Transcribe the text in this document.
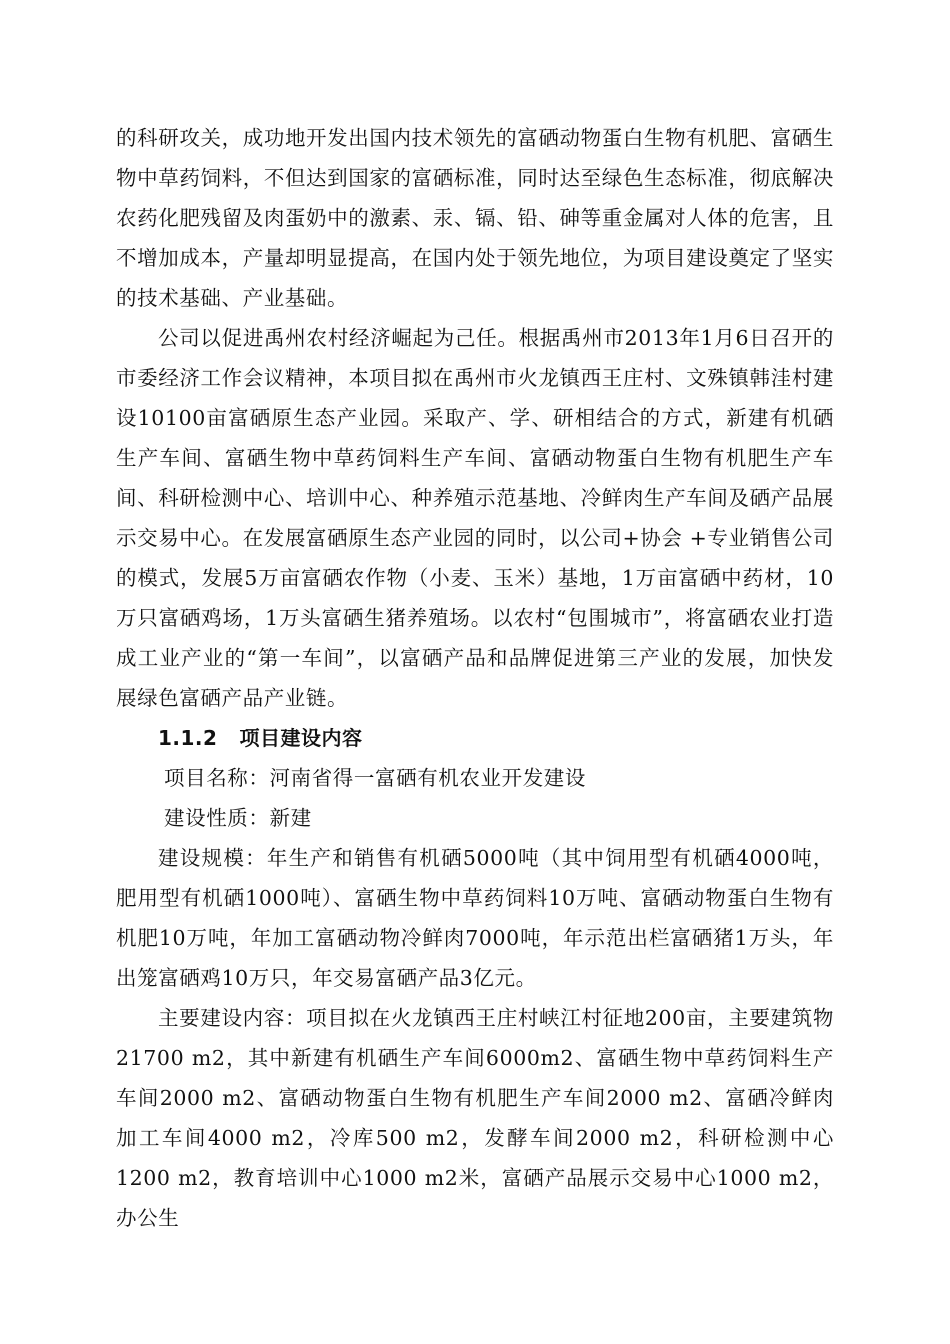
的科研攻关，成功地开发出国内技术领先的富硒动物蛋白生物有机肥、富硒生物中草药饲料，不但达到国家的富硒标准，同时达至绿色生态标准，彻底解决农药化肥残留及肉蛋奶中的激素、汞、镉、铅、砷等重金属对人体的危害，且不增加成本，产量却明显提高，在国内处于领先地位，为项目建设奠定了坚实的技术基础、产业基础。

公司以促进禹州农村经济崛起为己任。根据禹州市2013年1月6日召开的市委经济工作会议精神，本项目拟在禹州市火龙镇西王庄村、文殊镇韩洼村建设10100亩富硒原生态产业园。采取产、学、研相结合的方式，新建有机硒生产车间、富硒生物中草药饲料生产车间、富硒动物蛋白生物有机肥生产车间、科研检测中心、培训中心、种养殖示范基地、冷鲜肉生产车间及硒产品展示交易中心。在发展富硒原生态产业园的同时，以公司+协会 +专业销售公司的模式，发展5万亩富硒农作物（小麦、玉米）基地，1万亩富硒中药材，10万只富硒鸡场，1万头富硒生猪养殖场。以农村“包围城市”，将富硒农业打造成工业产业的“第一车间”，以富硒产品和品牌促进第三产业的发展，加快发展绿色富硒产品产业链。

1.1.2 项目建设内容

项目名称：河南省得一富硒有机农业开发建设

建设性质：新建

建设规模：年生产和销售有机硒5000吨（其中饲用型有机硒4000吨，肥用型有机硒1000吨）、富硒生物中草药饲料10万吨、富硒动物蛋白生物有机肥10万吨，年加工富硒动物冷鲜肉7000吨，年示范出栏富硒猪1万头，年出笼富硒鸡10万只，年交易富硒产品3亿元。

主要建设内容：项目拟在火龙镇西王庄村峡江村征地200亩，主要建筑物21700 m2，其中新建有机硒生产车间6000m2、富硒生物中草药饲料生产车间2000 m2、富硒动物蛋白生物有机肥生产车间2000 m2、富硒冷鲜肉加工车间4000 m2，冷库500 m2，发酵车间2000 m2，科研检测中心1200 m2，教育培训中心1000 m2米，富硒产品展示交易中心1000 m2，办公生
